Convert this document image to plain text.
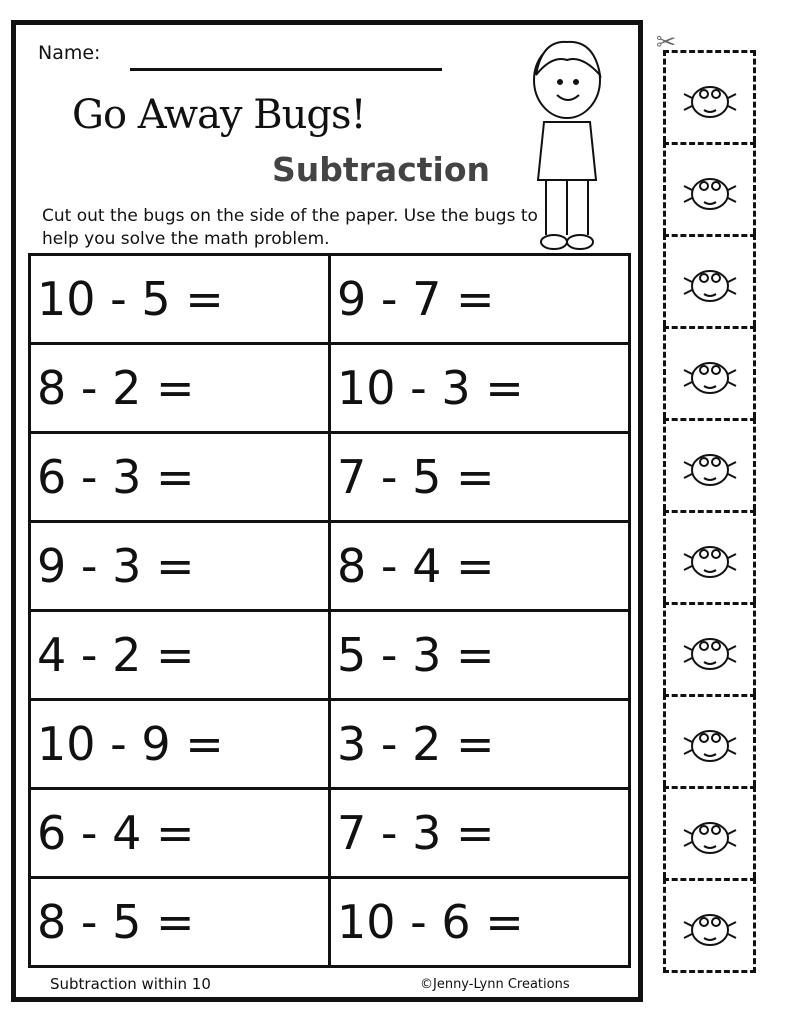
Name:
Go Away Bugs!
Subtraction
Cut out the bugs on the side of the paper. Use the bugs to help you solve the math problem.
10 - 5 =	9 - 7 =
8 - 2 =	10 - 3 =
6 - 3 =	7 - 5 =
9 - 3 =	8 - 4 =
4 - 2 =	5 - 3 =
10 - 9 =	3 - 2 =
6 - 4 =	7 - 3 =
8 - 5 =	10 - 6 =
Subtraction within 10	©Jenny-Lynn Creations
✂
